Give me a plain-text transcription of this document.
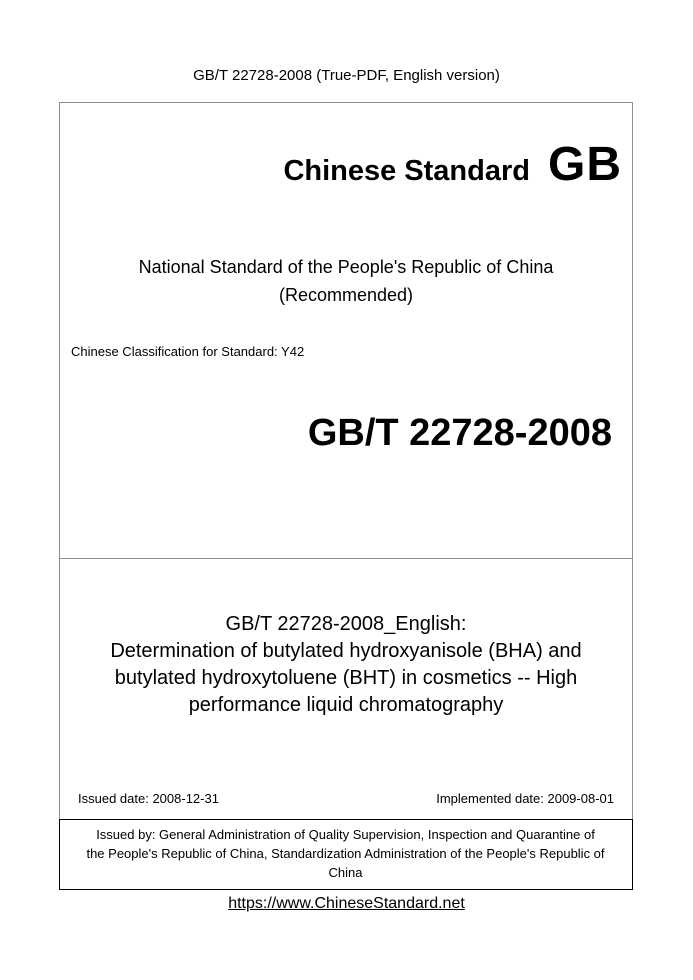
GB/T 22728-2008 (True-PDF, English version)
Chinese Standard GB
National Standard of the People's Republic of China
(Recommended)
Chinese Classification for Standard: Y42
GB/T 22728-2008
GB/T 22728-2008_English:
Determination of butylated hydroxyanisole (BHA) and
butylated hydroxytoluene (BHT) in cosmetics -- High
performance liquid chromatography
Issued date: 2008-12-31	Implemented date: 2009-08-01
Issued by: General Administration of Quality Supervision, Inspection and Quarantine of
the People's Republic of China, Standardization Administration of the People's Republic of
China
https://www.ChineseStandard.net
